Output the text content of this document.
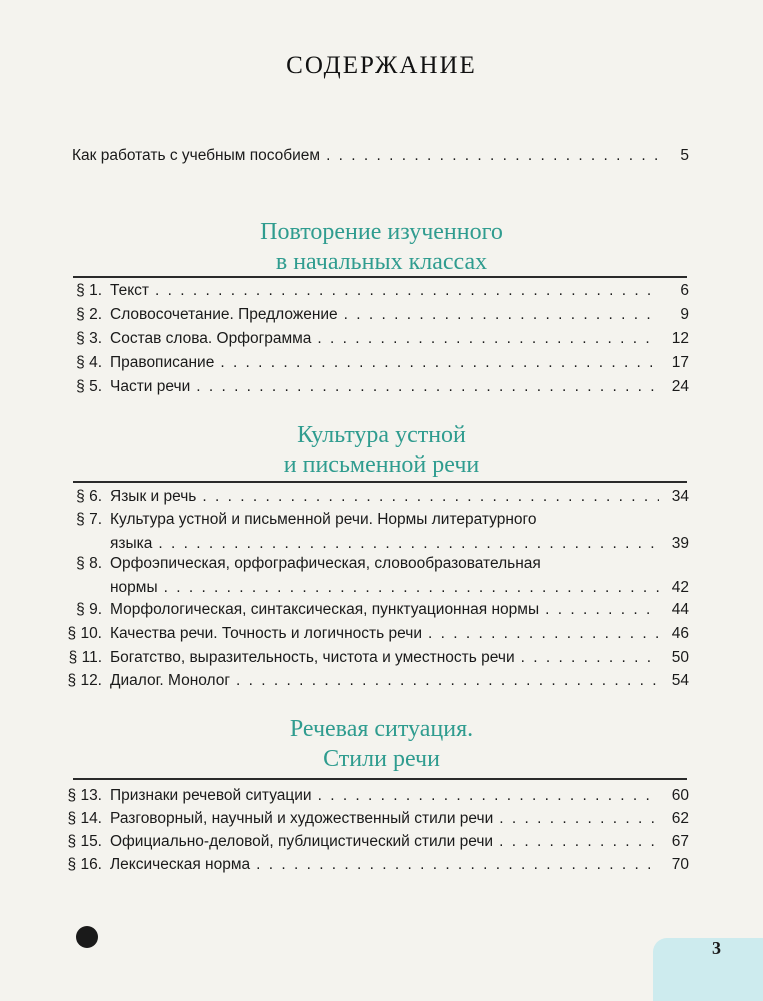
СОДЕРЖАНИЕ
Как работать с учебным пособием . . .	5
Повторение изученного
в начальных классах
§ 1. Текст . . .	6
§ 2. Словосочетание. Предложение . . .	9
§ 3. Состав слова. Орфограмма . . .	12
§ 4. Правописание . . .	17
§ 5. Части речи . . .	24
Культура устной
и письменной речи
§ 6. Язык и речь . . .	34
§ 7. Культура устной и письменной речи. Нормы литературного
языка . . .	39
§ 8. Орфоэпическая, орфографическая, словообразовательная
нормы . . .	42
§ 9. Морфологическая, синтаксическая, пунктуационная нормы . . .	44
§ 10. Качества речи. Точность и логичность речи . . .	46
§ 11. Богатство, выразительность, чистота и уместность речи . . .	50
§ 12. Диалог. Монолог . . .	54
Речевая ситуация.
Стили речи
§ 13. Признаки речевой ситуации . . .	60
§ 14. Разговорный, научный и художественный стили речи . . .	62
§ 15. Официально-деловой, публицистический стили речи . . .	67
§ 16. Лексическая норма . . .	70
3
